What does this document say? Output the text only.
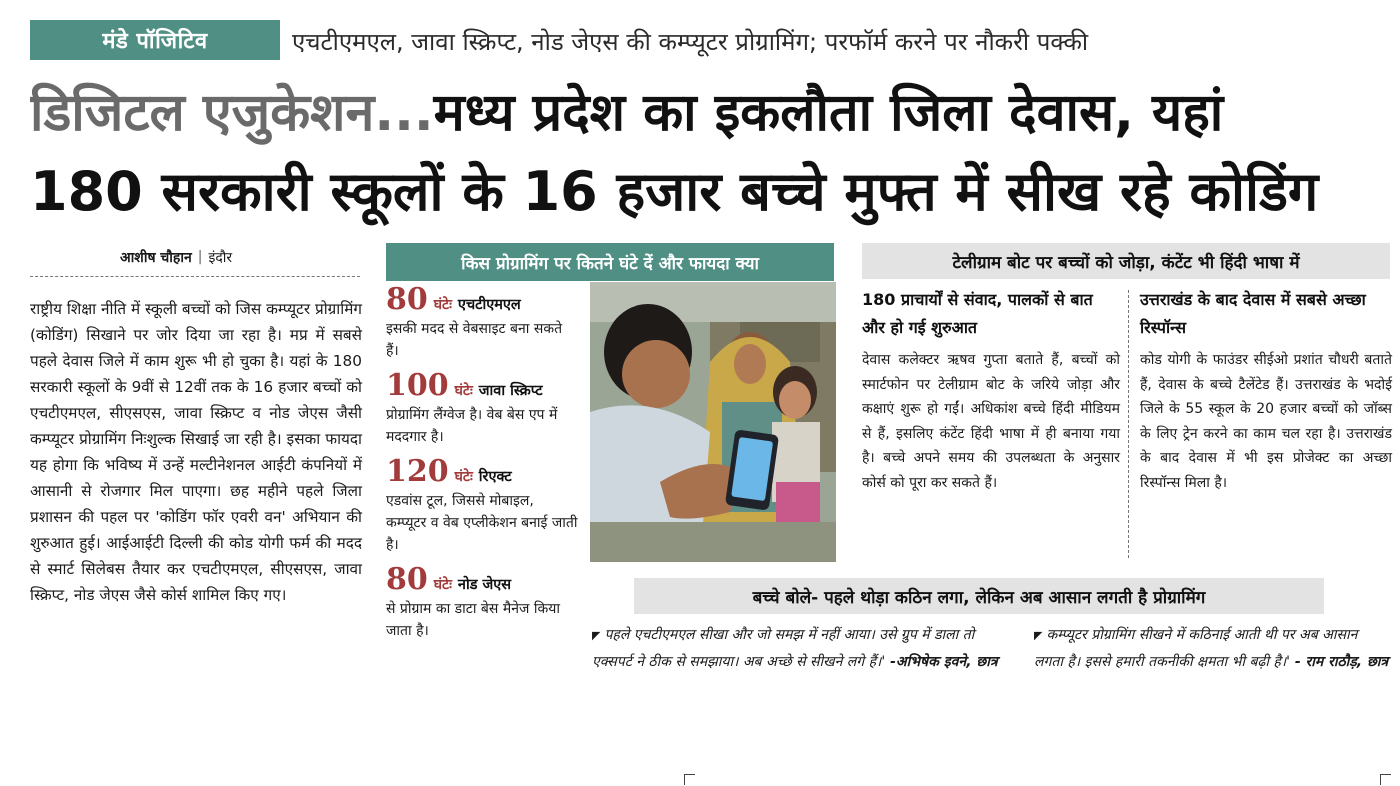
मंडे पॉजिटिव	एचटीएमएल, जावा स्क्रिप्ट, नोड जेएस की कम्प्यूटर प्रोग्रामिंग; परफॉर्म करने पर नौकरी पक्की
डिजिटल एजुकेशन... मध्य प्रदेश का इकलौता जिला देवास, यहां
180 सरकारी स्कूलों के 16 हजार बच्चे मुफ्त में सीख रहे कोडिंग
आशीष चौहान | इंदौर
राष्ट्रीय शिक्षा नीति में स्कूली बच्चों को जिस कम्प्यूटर प्रोग्रामिंग (कोडिंग) सिखाने पर जोर दिया जा रहा है। मप्र में सबसे पहले देवास जिले में काम शुरू भी हो चुका है। यहां के 180 सरकारी स्कूलों के 9वीं से 12वीं तक के 16 हजार बच्चों को एचटीएमएल, सीएसएस, जावा स्क्रिप्ट व नोड जेएस जैसी कम्प्यूटर प्रोग्रामिंग निःशुल्क सिखाई जा रही है। इसका फायदा यह होगा कि भविष्य में उन्हें मल्टीनेशनल आईटी कंपनियों में आसानी से रोजगार मिल पाएगा। छह महीने पहले जिला प्रशासन की पहल पर 'कोडिंग फॉर एवरी वन' अभियान की शुरुआत हुई। आईआईटी दिल्ली की कोड योगी फर्म की मदद से स्मार्ट सिलेबस तैयार कर एचटीएमएल, सीएसएस, जावा स्क्रिप्ट, नोड जेएस जैसे कोर्स शामिल किए गए।
किस प्रोग्रामिंग पर कितने घंटे दें और फायदा क्या
80 घंटेः एचटीएमएल
इसकी मदद से वेबसाइट बना सकते हैं।
100 घंटेः जावा स्क्रिप्ट
प्रोग्रामिंग लैंग्वेज है। वेब बेस एप में मददगार है।
120 घंटेः रिएक्ट
एडवांस टूल, जिससे मोबाइल, कम्प्यूटर व वेब एप्लीकेशन बनाई जाती है।
80 घंटेः नोड जेएस
से प्रोग्राम का डाटा बेस मैनेज किया जाता है।
टेलीग्राम बोट पर बच्चों को जोड़ा, कंटेंट भी हिंदी भाषा में
180 प्राचार्यों से संवाद, पालकों से बात और हो गई शुरुआत
देवास कलेक्टर ऋषव गुप्ता बताते हैं, बच्चों को स्मार्टफोन पर टेलीग्राम बोट के जरिये जोड़ा और कक्षाएं शुरू हो गईं। अधिकांश बच्चे हिंदी मीडियम से हैं, इसलिए कंटेंट हिंदी भाषा में ही बनाया गया है। बच्चे अपने समय की उपलब्धता के अनुसार कोर्स को पूरा कर सकते हैं।
उत्तराखंड के बाद देवास में सबसे अच्छा रिस्पॉन्स
कोड योगी के फाउंडर सीईओ प्रशांत चौधरी बताते हैं, देवास के बच्चे टैलेंटेड हैं। उत्तराखंड के भदोई जिले के 55 स्कूल के 20 हजार बच्चों को जॉब्स के लिए ट्रेन करने का काम चल रहा है। उत्तराखंड के बाद देवास में भी इस प्रोजेक्ट का अच्छा रिस्पॉन्स मिला है।
बच्चे बोले- पहले थोड़ा कठिन लगा, लेकिन अब आसान लगती है प्रोग्रामिंग
◤ पहले एचटीएमएल सीखा और जो समझ में नहीं आया। उसे ग्रुप में डाला तो एक्सपर्ट ने ठीक से समझाया। अब अच्छे से सीखने लगे हैं।' -अभिषेक इवने, छात्र
◤ कम्प्यूटर प्रोग्रामिंग सीखने में कठिनाई आती थी पर अब आसान लगता है। इससे हमारी तकनीकी क्षमता भी बढ़ी है।' - राम राठौड़, छात्र
